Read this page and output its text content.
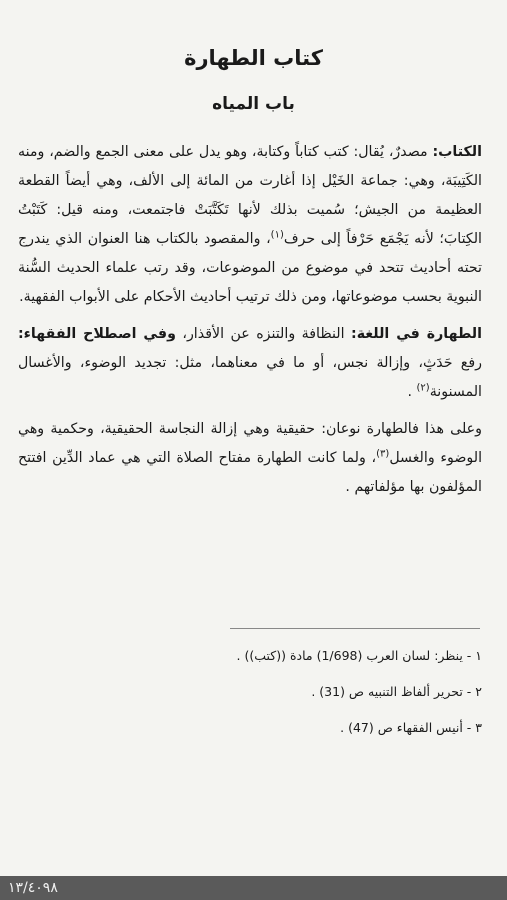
كتاب الطهارة
باب المياه

الكتاب: مصدرٌ، يُقال: كتب كتاباً وكتابة، وهو يدل على معنى الجمع والضم، ومنه الكَتِيبَة، وهي: جماعة الخَيْل إذا أغارت من المائة إلى الألف، وهي أيضاً القطعة العظيمة من الجيش؛ سُميت بذلك لأنها تَكَتَّبَتْ فاجتمعت، ومنه قيل: كَتَبْتُ الكِتابَ؛ لأنه يَجْمَع حَرْفاً إلى حرف$^{(١)}$، والمقصود بالكتاب هنا العنوان الذي يندرج تحته أحاديث تتحد في موضوع من الموضوعات، وقد رتب علماء الحديث السُّنة النبوية بحسب موضوعاتها، ومن ذلك ترتيب أحاديث الأحكام على الأبواب الفقهية.

الطهارة في اللغة: النظافة والتنزه عن الأقذار، وفي اصطلاح الفقهاء: رفع حَدَثٍ، وإزالة نجس، أو ما في معناهما، مثل: تجديد الوضوء، والأغسال المسنونة$^{(٢)}$ .

وعلى هذا فالطهارة نوعان: حقيقية وهي إزالة النجاسة الحقيقية، وحكمية وهي الوضوء والغسل$^{(٣)}$، ولما كانت الطهارة مفتاح الصلاة التي هي عماد الدِّين افتتح المؤلفون بها مؤلفاتهم .

١ - ينظر: لسان العرب (1/698) مادة ((كتب)) .
٢ - تحرير ألفاظ التنبيه ص (31) .
٣ - أنيس الفقهاء ص (47) .
١٣/٤٠٩٨
